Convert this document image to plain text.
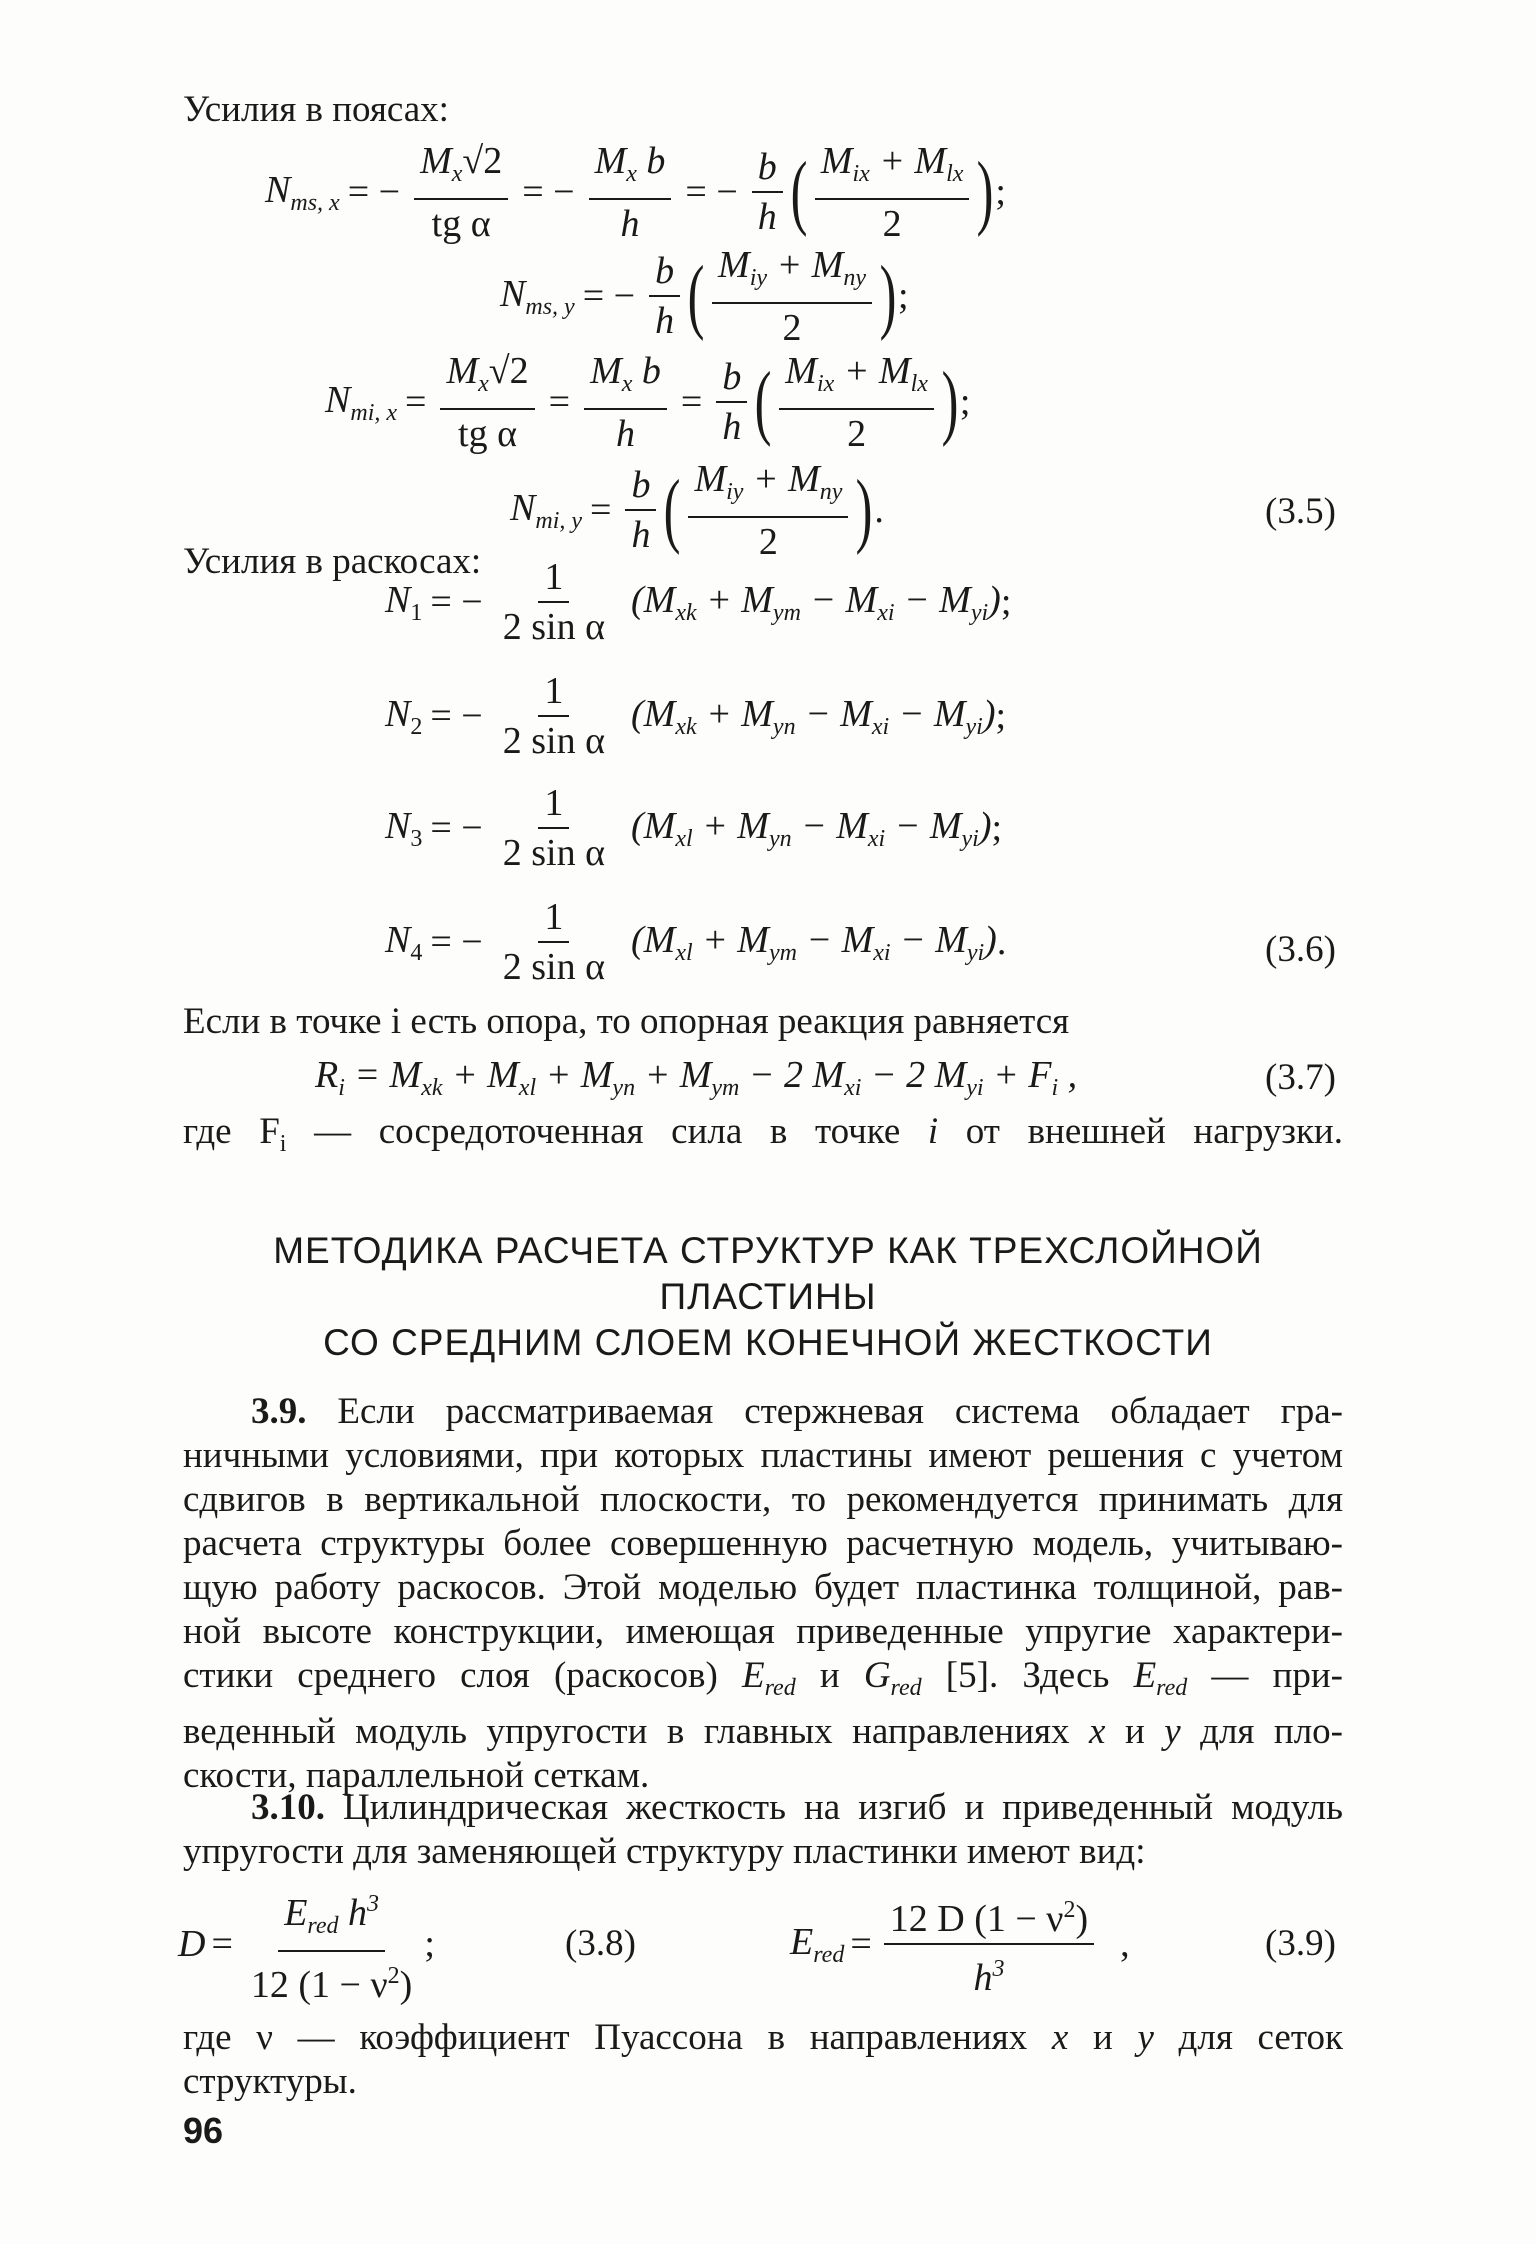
Усилия в поясах:
$N_{ms, x}$ = − $\frac{M_x√2}{\text{tg α}}$ = − $\frac{M_x b}{h}$ = − $\frac{b}{h}$ ( $\frac{M_{ix} + M_{lx}}{2}$ ) ;
$N_{ms, y}$ = − $\frac{b}{h}$ ( $\frac{M_{iy} + M_{ny}}{2}$ ) ;
$N_{mi, x} = \frac{M_x√2}{\text{tg α}} = \frac{M_x b}{h} = \frac{b}{h}$ ( $\frac{M_{ix} + M_{lx}}{2}$ ) ;
$N_{mi, y} = \frac{b}{h}$ ( $\frac{M_{iy} + M_{ny}}{2}$ ) .	(3.5)
Усилия в раскосах:
$N_1$ = − $\frac{1}{\text{2 sin α}} (M_{xk} + M_{ym} - M_{xi} - M_{yi})$ ;
$N_2$ = − $\frac{1}{\text{2 sin α}} (M_{xk} + M_{yn} - M_{xi} - M_{yi})$ ;
$N_3$ = − $\frac{1}{\text{2 sin α}} (M_{xl} + M_{yn} - M_{xi} - M_{yi})$ ;
$N_4$ = − $\frac{1}{\text{2 sin α}} (M_{xl} + M_{ym} - M_{xi} - M_{yi})$ .	(3.6)
Если в точке i есть опора, то опорная реакция равняется
$R_i = M_{xk} + M_{xl} + M_{yn} + M_{ym} - 2$ $M_{xi} - 2$ $M_{yi} + F_i$ ,	(3.7)
где $F_i$ — сосредоточенная сила в точке i от внешней нагрузки.
МЕТОДИКА РАСЧЕТА СТРУКТУР КАК ТРЕХСЛОЙНОЙ
ПЛАСТИНЫ
СО СРЕДНИМ СЛОЕМ КОНЕЧНОЙ ЖЕСТКОСТИ

3.9. Если рассматриваемая стержневая система обладает гра-

ничными условиями, при которых пластины имеют решения с учетом

сдвигов в вертикальной плоскости, то рекомендуется принимать для

расчета структуры более совершенную расчетную модель, учитываю-

щую работу раскосов. Этой моделью будет пластинка толщиной, рав-

ной высоте конструкции, имеющая приведенные упругие характери-

стики среднего слоя (раскосов) $E_{red}$ и $G_{red}$ [5]. Здесь $E_{red}$ — при-

веденный модуль упругости в главных направлениях x и y для пло-

скости, параллельной сеткам.

3.10. Цилиндрическая жесткость на изгиб и приведенный модуль

упругости для заменяющей структуру пластинки имеют вид:

$D = \frac{E_{red} h^3}{12 (1 - \nu^2)}$ ;	(3.8)	$E_{red} = \frac{12 D (1 - \nu^2)}{h^3}$ ,	(3.9)
где ν — коэффициент Пуассона в направлениях x и y для сеток
структуры.
96
